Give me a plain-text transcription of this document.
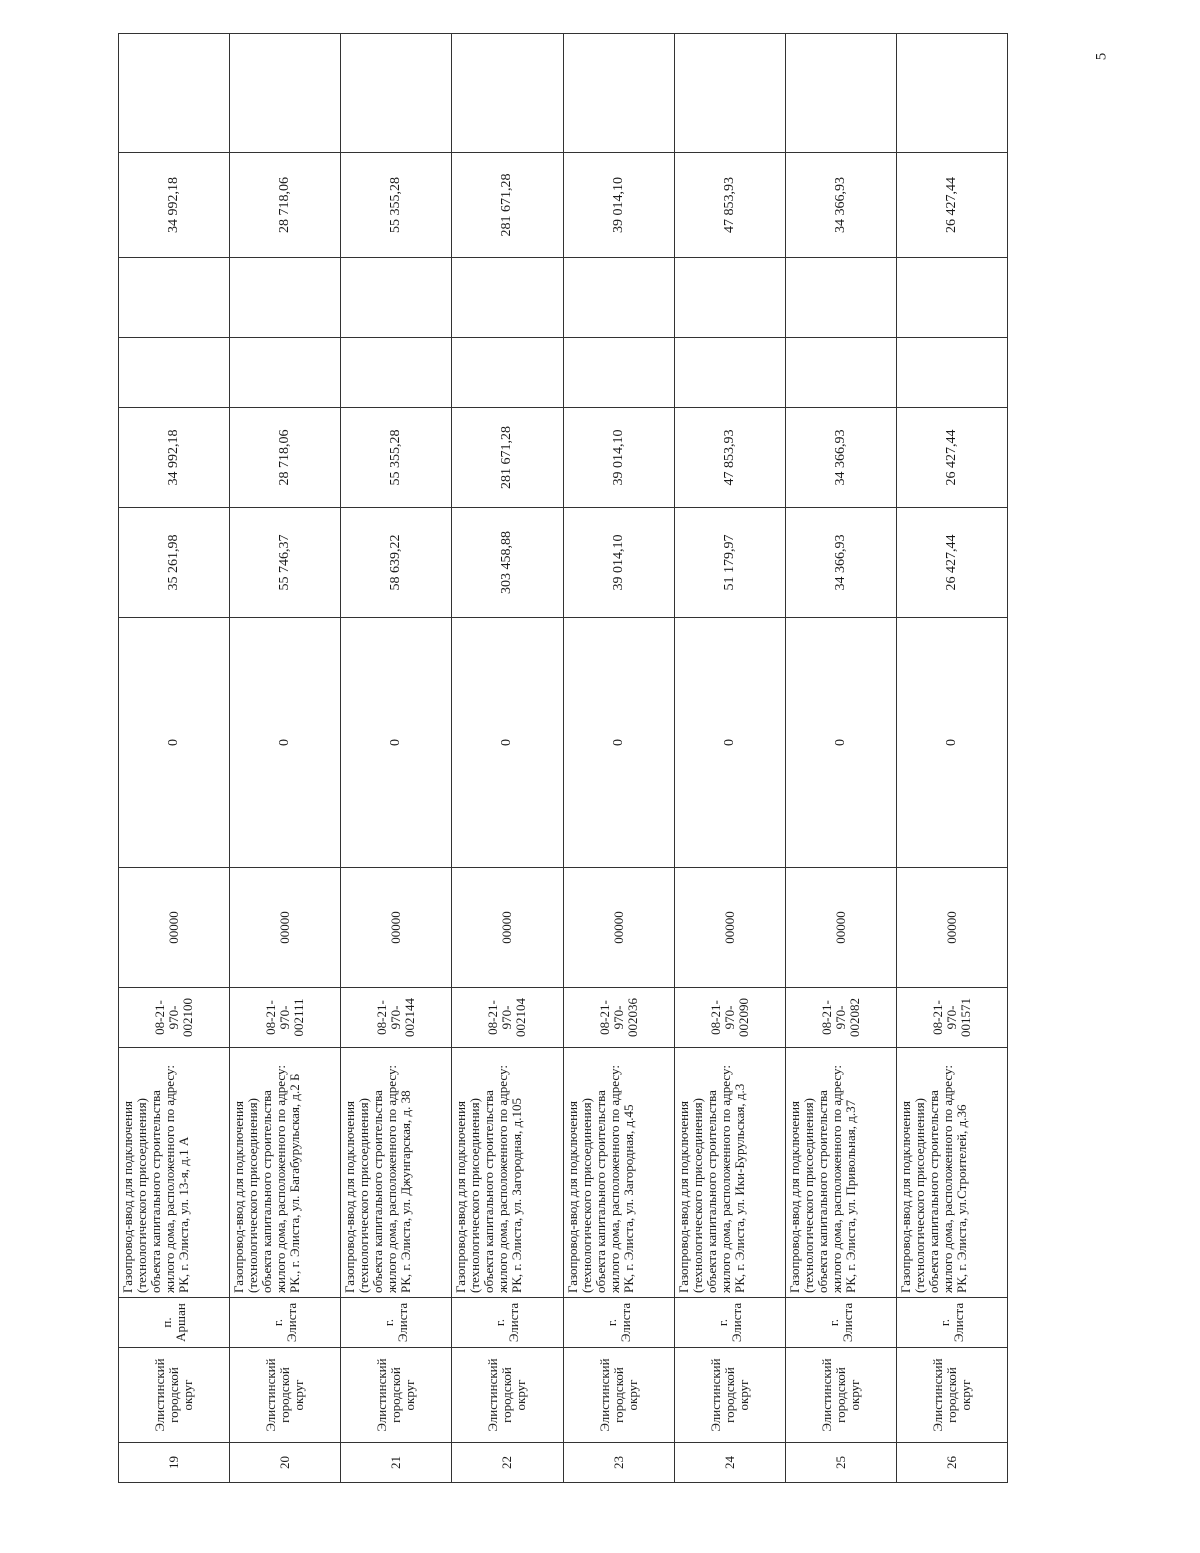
5
19	Элистинский городской округ	п. Аршан	Газопровод-ввод для подключения (технологического присоединения) объекта капитального строительства жилого дома, расположенного по адресу: РК, г. Элиста, ул. 13-я, д.1 А	08-21-970-002100	00000	0	35 261,98	34 992,18			34 992,18	
20	Элистинский городской округ	г. Элиста	Газопровод-ввод для подключения (технологического присоединения) объекта капитального строительства жилого дома, расположенного по адресу: РК., г. Элиста, ул. Багабурульская, д.2 Б	08-21-970-002111	00000	0	55 746,37	28 718,06			28 718,06	
21	Элистинский городской округ	г. Элиста	Газопровод-ввод для подключения (технологического присоединения) объекта капитального строительства жилого дома, расположенного по адресу: РК, г. Элиста, ул. Джунгарская, д. 38	08-21-970-002144	00000	0	58 639,22	55 355,28			55 355,28	
22	Элистинский городской округ	г. Элиста	Газопровод-ввод для подключения (технологического присоединения) объекта капитального строительства жилого дома, расположенного по адресу: РК, г. Элиста, ул. Загородная, д.105	08-21-970-002104	00000	0	303 458,88	281 671,28			281 671,28	
23	Элистинский городской округ	г. Элиста	Газопровод-ввод для подключения (технологического присоединения) объекта капитального строительства жилого дома, расположенного по адресу: РК, г. Элиста, ул. Загородная, д.45	08-21-970-002036	00000	0	39 014,10	39 014,10			39 014,10	
24	Элистинский городской округ	г. Элиста	Газопровод-ввод для подключения (технологического присоединения) объекта капитального строительства жилого дома, расположенного по адресу: РК, г. Элиста, ул. Ики-Бурульская, д.3	08-21-970-002090	00000	0	51 179,97	47 853,93			47 853,93	
25	Элистинский городской округ	г. Элиста	Газопровод-ввод для подключения (технологического присоединения) объекта капитального строительства жилого дома, расположенного по адресу: РК, г. Элиста, ул. Привольная, д.37	08-21-970-002082	00000	0	34 366,93	34 366,93			34 366,93	
26	Элистинский городской округ	г. Элиста	Газопровод-ввод для подключения (технологического присоединения) объекта капитального строительства жилого дома, расположенного по адресу: РК, г. Элиста, ул.Строителей, д.36	08-21-970-001571	00000	0	26 427,44	26 427,44			26 427,44	
